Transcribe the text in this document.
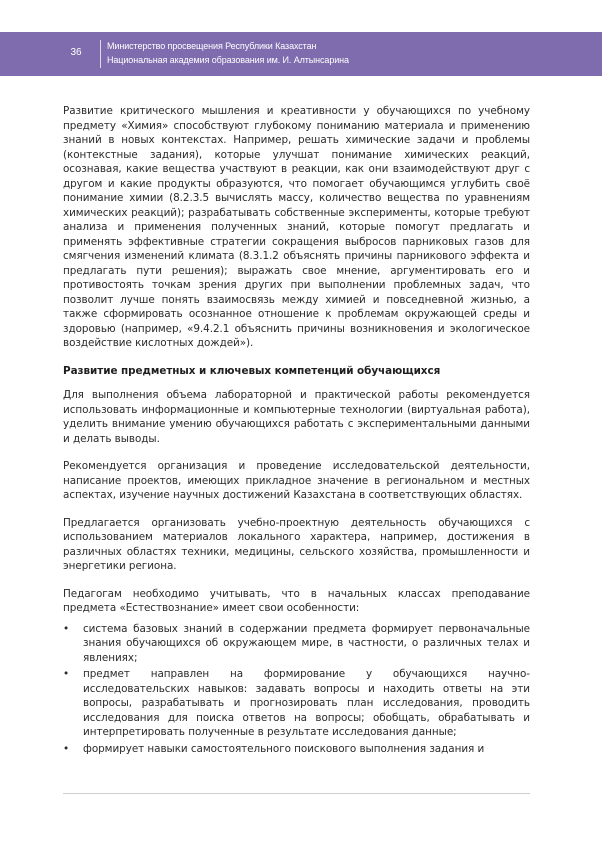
36
Министерство просвещения Республики Казахстан
Национальная академия образования им. И. Алтынсарина

Развитие критического мышления и креативности у обучающихся по учебному предмету «Химия» способствуют глубокому пониманию материала и применению знаний в новых контекстах. Например, решать химические задачи и проблемы (контекстные задания), которые улучшат понимание химических реакций, осознавая, какие вещества участвуют в реакции, как они взаимодействуют друг с другом и какие продукты образуются, что помогает обучающимся углубить своё понимание химии (8.2.3.5 вычислять массу, количество вещества по уравнениям химических реакций); разрабатывать собственные эксперименты, которые требуют анализа и применения полученных знаний, которые помогут предлагать и применять эффективные стратегии сокращения выбросов парниковых газов для смягчения изменений климата (8.3.1.2 объяснять причины парникового эффекта и предлагать пути решения); выражать свое мнение, аргументировать его и противостоять точкам зрения других при выполнении проблемных задач, что позволит лучше понять взаимосвязь между химией и повседневной жизнью, а также сформировать осознанное отношение к проблемам окружающей среды и здоровью (например, «9.4.2.1 объяснить причины возникновения и экологическое воздействие кислотных дождей»).

Развитие предметных и ключевых компетенций обучающихся

Для выполнения объема лабораторной и практической работы рекомендуется использовать информационные и компьютерные технологии (виртуальная работа), уделить внимание умению обучающихся работать с экспериментальными данными и делать выводы.

Рекомендуется организация и проведение исследовательской деятельности, написание проектов, имеющих прикладное значение в региональном и местных аспектах, изучение научных достижений Казахстана в соответствующих областях.

Предлагается организовать учебно-проектную деятельность обучающихся с использованием материалов локального характера, например, достижения в различных областях техники, медицины, сельского хозяйства, промышленности и энергетики региона.

Педагогам необходимо учитывать, что в начальных классах преподавание предмета «Естествознание» имеет свои особенности:

•	система базовых знаний в содержании предмета формирует первоначальные знания обучающихся об окружающем мире, в частности, о различных телах и явлениях;
•	предмет направлен на формирование у обучающихся научно-исследовательских навыков: задавать вопросы и находить ответы на эти вопросы, разрабатывать и прогнозировать план исследования, проводить исследования для поиска ответов на вопросы; обобщать, обрабатывать и интерпретировать полученные в результате исследования данные;
•	формирует навыки самостоятельного поискового выполнения задания и
